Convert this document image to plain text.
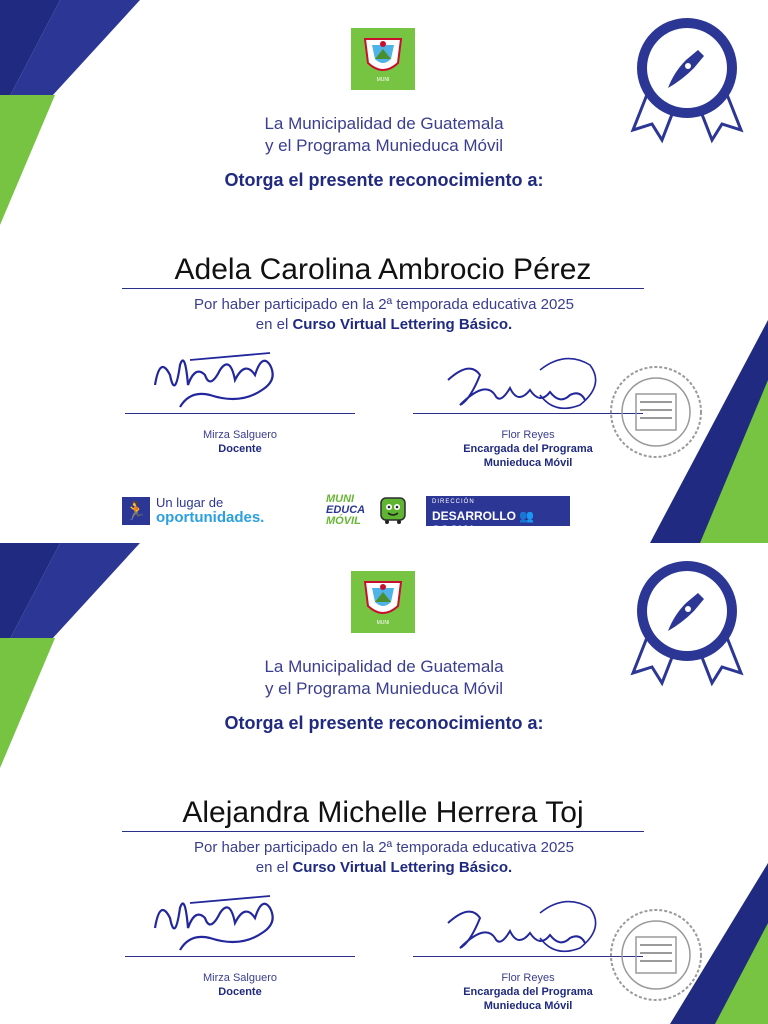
MUNI
★★★
La Municipalidad de Guatemala
y el Programa Munieduca Móvil
Otorga el presente reconocimiento a:
Adela Carolina Ambrocio Pérez
Por haber participado en la 2ª temporada educativa 2025
en el Curso Virtual Lettering Básico.
Mirza Salguero
Docente
Flor Reyes
Encargada del Programa
Munieduca Móvil
🏃 Un lugar de
oportunidades.
MUNI
EDUCA
MÓVIL
DIRECCIÓN
DESARROLLO 👥 SOCIAL
MUNI
★★★
La Municipalidad de Guatemala
y el Programa Munieduca Móvil
Otorga el presente reconocimiento a:
Alejandra Michelle Herrera Toj
Por haber participado en la 2ª temporada educativa 2025
en el Curso Virtual Lettering Básico.
Mirza Salguero
Docente
Flor Reyes
Encargada del Programa
Munieduca Móvil
